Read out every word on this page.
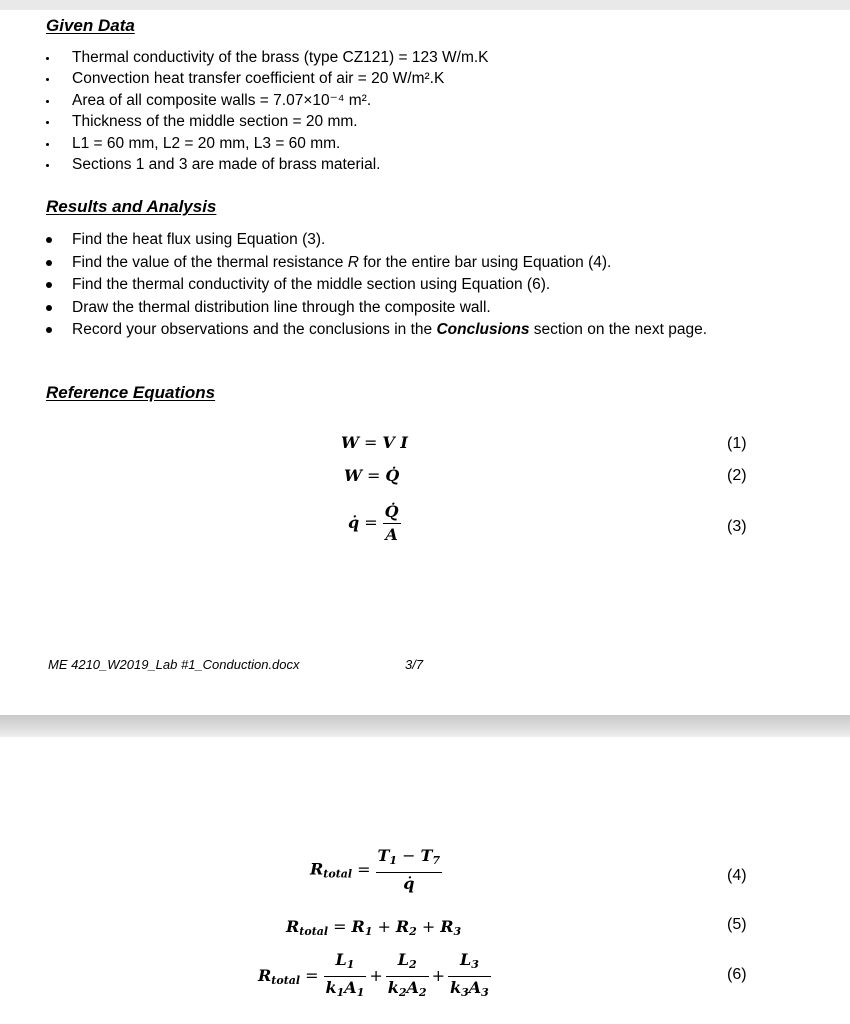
Given Data
Thermal conductivity of the brass (type CZ121) = 123 W/m.K
Convection heat transfer coefficient of air = 20 W/m².K
Area of all composite walls = 7.07×10⁻⁴ m².
Thickness of the middle section = 20 mm.
L1 = 60 mm, L2 = 20 mm, L3 = 60 mm.
Sections 1 and 3 are made of brass material.
Results and Analysis
Find the heat flux using Equation (3).
Find the value of the thermal resistance R for the entire bar using Equation (4).
Find the thermal conductivity of the middle section using Equation (6).
Draw the thermal distribution line through the composite wall.
Record your observations and the conclusions in the Conclusions section on the next page.
Reference Equations
W = V I	(1)
W = Q̇	(2)
q̇ = $\frac{Q̇}{A}$	(3)
ME 4210_W2019_Lab #1_Conduction.docx	3/7
$R_{total} = \frac{T_1 - T_7}{q̇}$	(4)
$R_{total} = R_1 + R_2 + R_3$	(5)
$R_{total} = \frac{L_1}{k_1A_1} + \frac{L_2}{k_2A_2} + \frac{L_3}{k_3A_3}$	(6)
